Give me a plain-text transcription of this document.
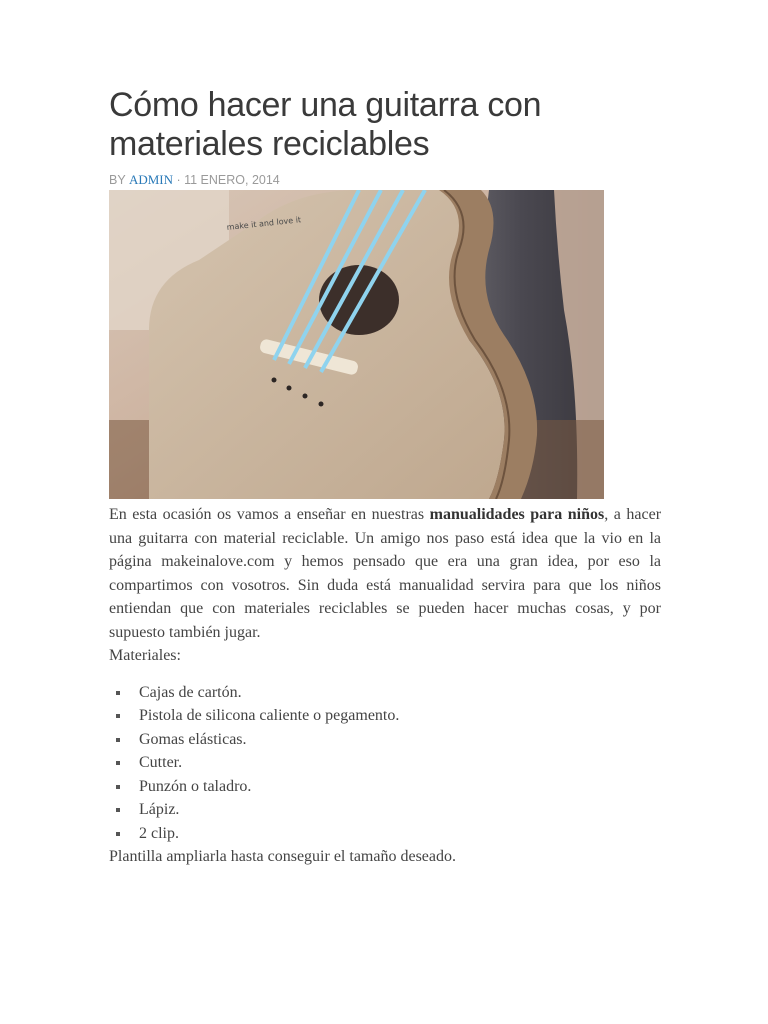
Cómo hacer una guitarra con materiales reciclables
BY ADMIN · 11 ENERO, 2014
make it and love it

En esta ocasión os vamos a enseñar en nuestras manualidades para niños, a hacer una guitarra con material reciclable. Un amigo nos paso está idea que la vio en la página makeinalove.com y hemos pensado que era una gran idea, por eso la compartimos con vosotros. Sin duda está manualidad servira para que los niños entiendan que con materiales reciclables se pueden hacer muchas cosas, y por supuesto también jugar.

Materiales:

Cajas de cartón.
Pistola de silicona caliente o pegamento.
Gomas elásticas.
Cutter.
Punzón o taladro.
Lápiz.
2 clip.

Plantilla ampliarla hasta conseguir el tamaño deseado.
